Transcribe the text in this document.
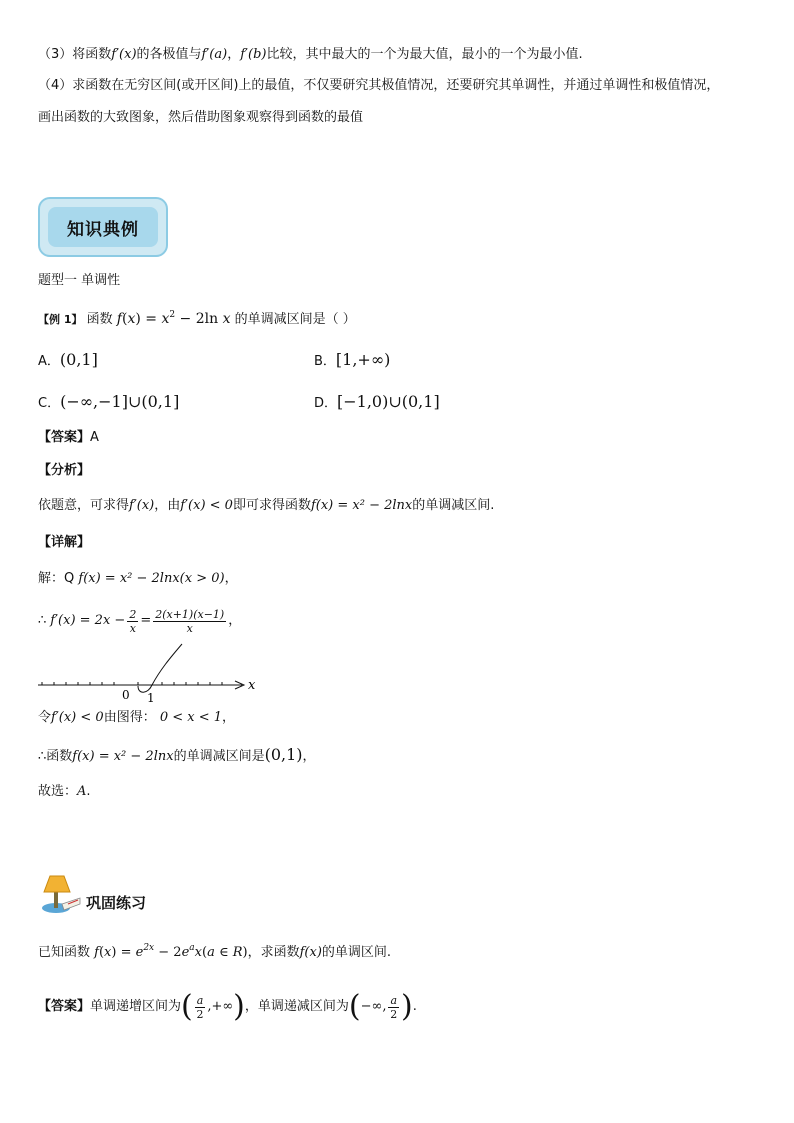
（3）将函数f′(x)的各极值与f′(a)，f′(b)比较，其中最大的一个为最大值，最小的一个为最小值.
（4）求函数在无穷区间(或开区间)上的最值，不仅要研究其极值情况，还要研究其单调性，并通过单调性和极值情况，
画出函数的大致图象，然后借助图象观察得到函数的最值
知识典例
题型一 单调性
【例 1】 函数 $f(x) = x^2 - 2\ln$ x 的单调减区间是（ ）
A．(0,1]	B．[1,+∞)
C．(−∞,−1]∪(0,1]	D．[−1,0)∪(0,1]
【答案】A
【分析】
依题意，可求得f′(x)，由f′(x) < 0即可求得函数f(x) = x² − 2lnx的单调减区间.
【详解】
解：Q f(x) = x² − 2lnx(x > 0)，
∴ $f'(x) = 2x - \frac{2}{x} = \frac{2(x+1)(x-1)}{x}$ ，
x
0 1
令f′(x) < 0由图得： 0 < x < 1，
∴函数f(x) = x² − 2lnx的单调减区间是(0,1)，
故选：A.
巩固练习
已知函数 $f(x) = e^{2x} - 2e^ax(a$ ∈ R)，求函数f(x)的单调区间.
【答案】 单调递增区间为 ( $\frac{a}{2}$ ,+∞ ) ，单调递减区间为 ( −∞, $\frac{a}{2}$ ) .
